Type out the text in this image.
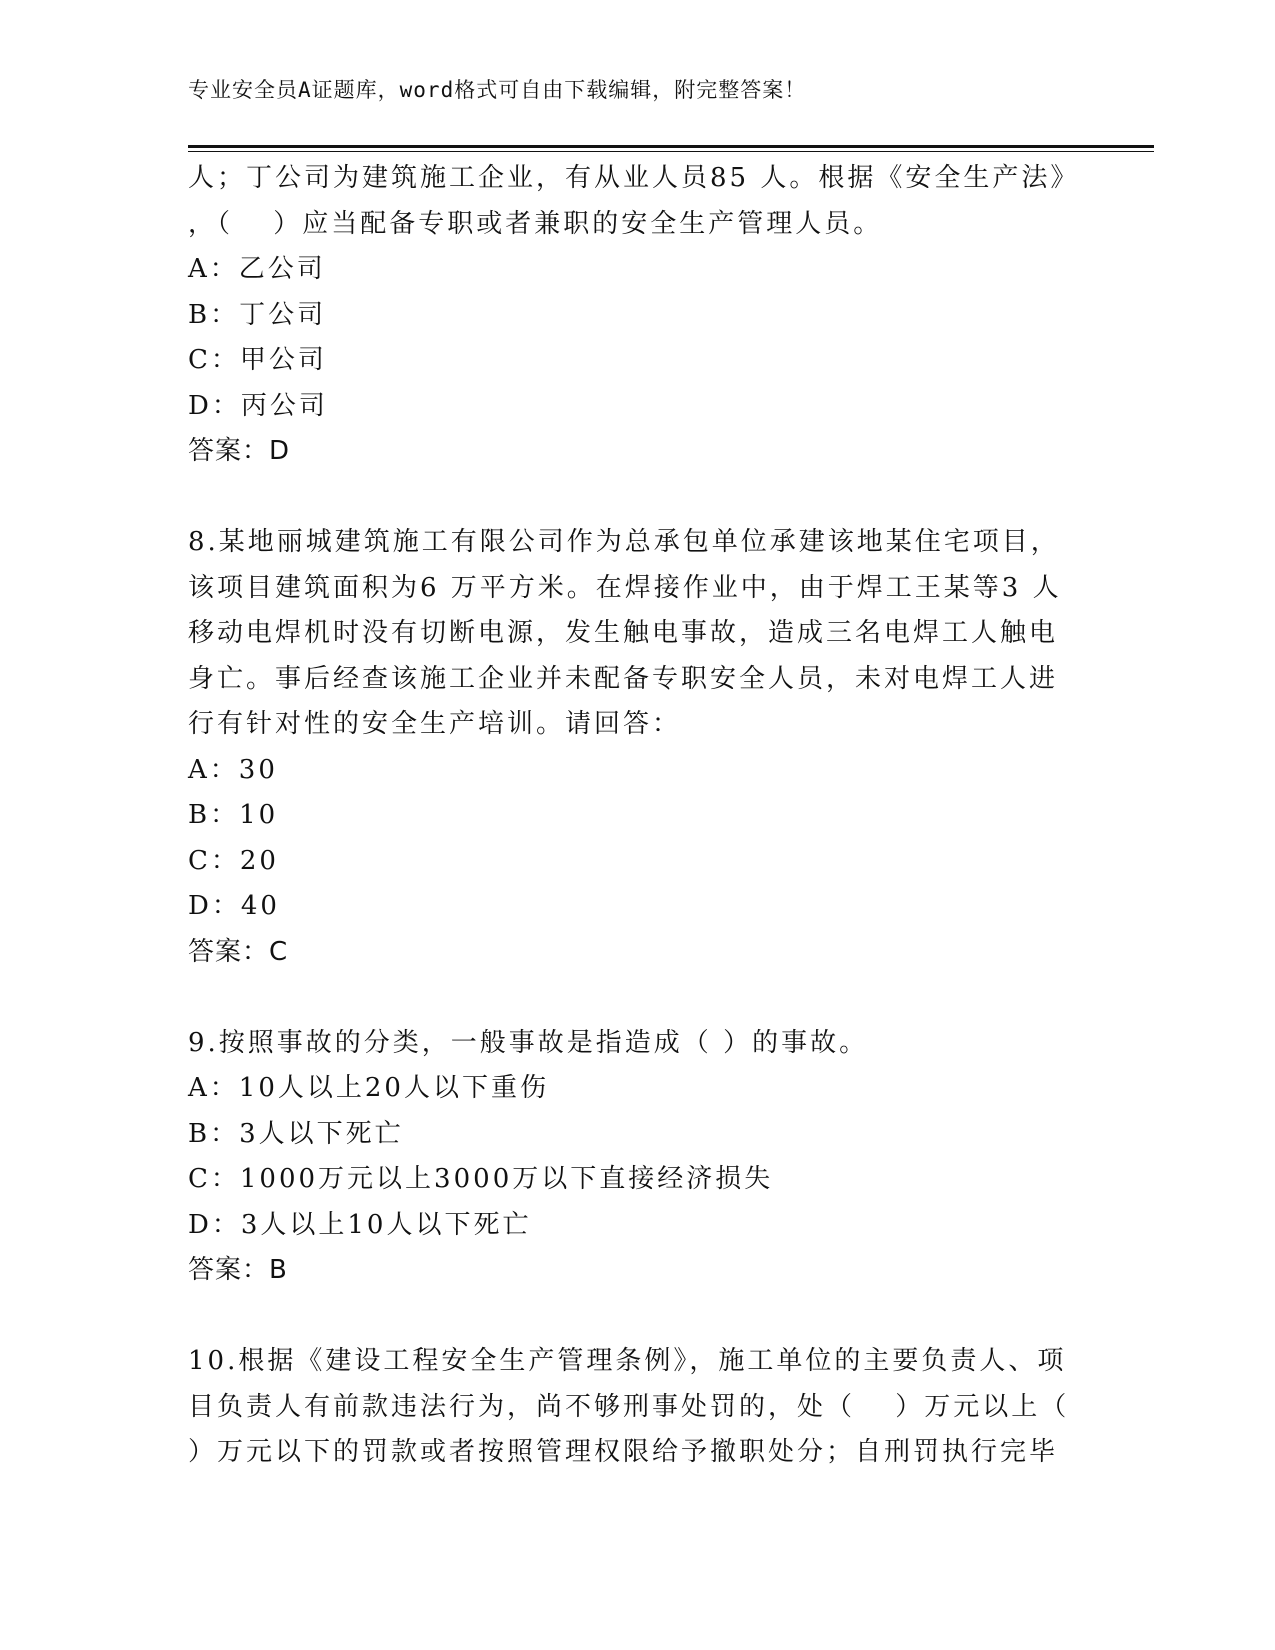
专业安全员A证题库，word格式可自由下载编辑，附完整答案！
人；丁公司为建筑施工企业，有从业人员85 人。根据《安全生产法》
，（　 ）应当配备专职或者兼职的安全生产管理人员。
A：乙公司
B：丁公司
C：甲公司
D：丙公司
答案：D
8.某地丽城建筑施工有限公司作为总承包单位承建该地某住宅项目，
该项目建筑面积为6 万平方米。在焊接作业中，由于焊工王某等3 人
移动电焊机时没有切断电源，发生触电事故，造成三名电焊工人触电
身亡。事后经查该施工企业并未配备专职安全人员，未对电焊工人进
行有针对性的安全生产培训。请回答：
A：30
B：10
C：20
D：40
答案：C
9.按照事故的分类，一般事故是指造成（ ）的事故。
A：10人以上20人以下重伤
B：3人以下死亡
C：1000万元以上3000万以下直接经济损失
D：3人以上10人以下死亡
答案：B
10.根据《建设工程安全生产管理条例》，施工单位的主要负责人、项
目负责人有前款违法行为，尚不够刑事处罚的，处（　 ）万元以上（
）万元以下的罚款或者按照管理权限给予撤职处分；自刑罚执行完毕
